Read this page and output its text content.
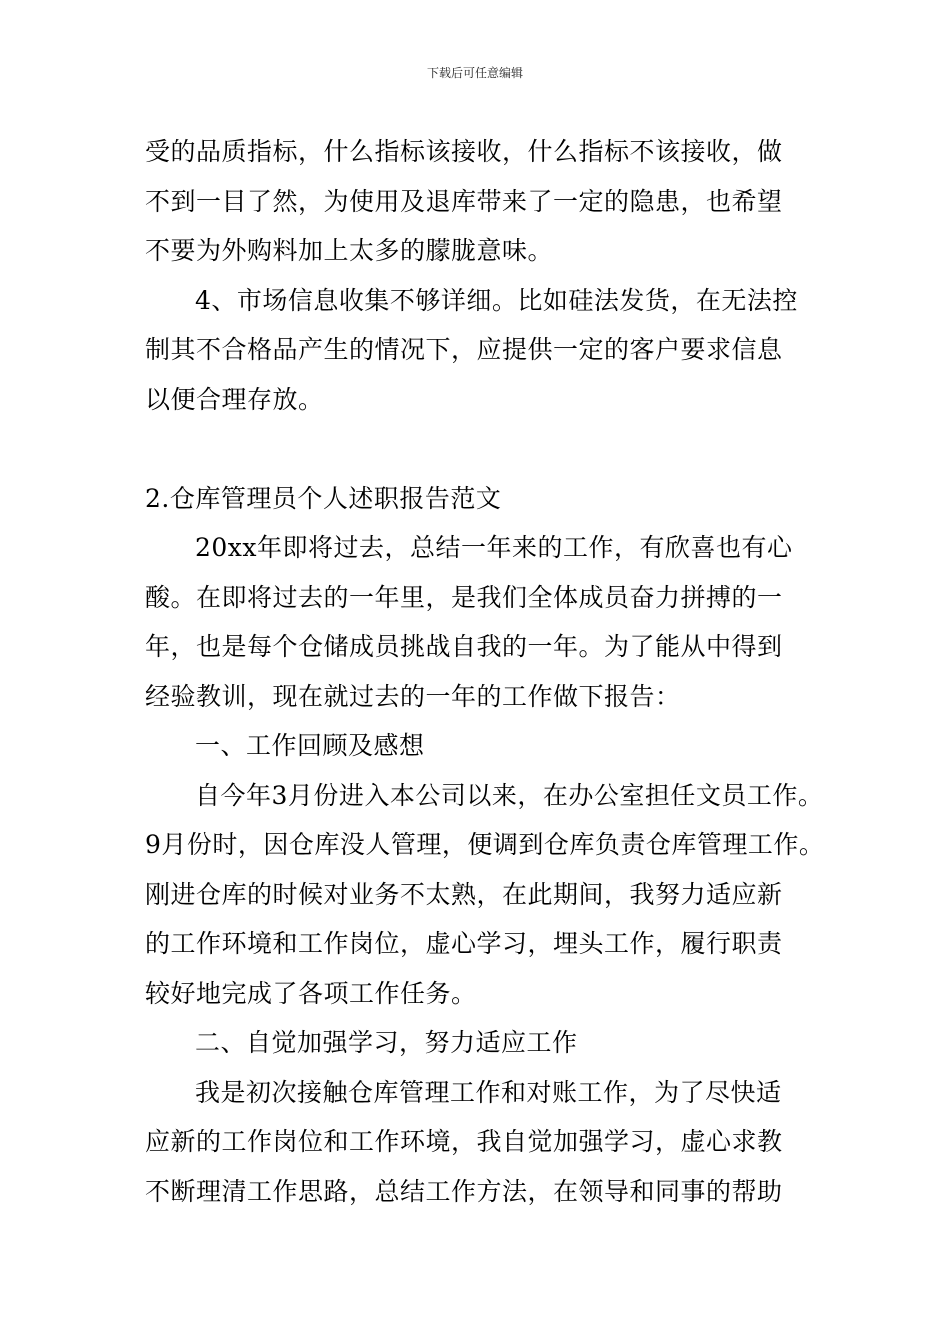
下载后可任意编辑
受的品质指标，什么指标该接收，什么指标不该接收，做
不到一目了然，为使用及退库带来了一定的隐患，也希望
不要为外购料加上太多的朦胧意味。
4、市场信息收集不够详细。比如硅法发货，在无法控
制其不合格品产生的情况下，应提供一定的客户要求信息
以便合理存放。
2.仓库管理员个人述职报告范文
20xx年即将过去，总结一年来的工作，有欣喜也有心
酸。在即将过去的一年里，是我们全体成员奋力拼搏的一
年，也是每个仓储成员挑战自我的一年。为了能从中得到
经验教训，现在就过去的一年的工作做下报告：
一、工作回顾及感想
自今年3月份进入本公司以来，在办公室担任文员工作。
9月份时，因仓库没人管理，便调到仓库负责仓库管理工作。
刚进仓库的时候对业务不太熟，在此期间，我努力适应新
的工作环境和工作岗位，虚心学习，埋头工作，履行职责
较好地完成了各项工作任务。
二、自觉加强学习，努力适应工作
我是初次接触仓库管理工作和对账工作，为了尽快适
应新的工作岗位和工作环境，我自觉加强学习，虚心求教
不断理清工作思路，总结工作方法，在领导和同事的帮助
